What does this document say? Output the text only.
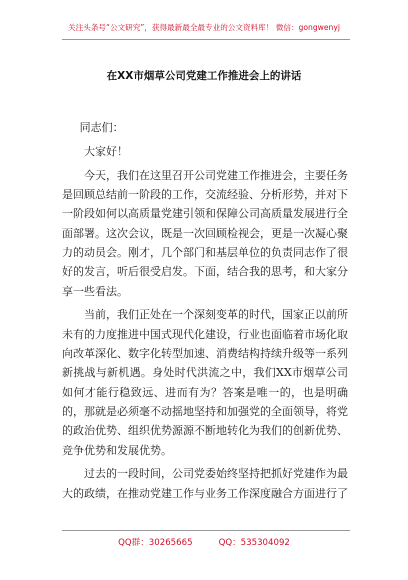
关注头条号“公文研究”，获得最新最全最专业的公文资料库！ 微信：gongwenyj
在XX市烟草公司党建工作推进会上的讲话

同志们：

大家好！

今天，我们在这里召开公司党建工作推进会，主要任务是回顾总结前一阶段的工作，交流经验、分析形势，并对下一阶段如何以高质量党建引领和保障公司高质量发展进行全面部署。这次会议，既是一次回顾检视会，更是一次凝心聚力的动员会。刚才，几个部门和基层单位的负责同志作了很好的发言，听后很受启发。下面，结合我的思考，和大家分享一些看法。

当前，我们正处在一个深刻变革的时代，国家正以前所未有的力度推进中国式现代化建设，行业也面临着市场化取向改革深化、数字化转型加速、消费结构持续升级等一系列新挑战与新机遇。身处时代洪流之中，我们XX市烟草公司如何才能行稳致远、进而有为？答案是唯一的，也是明确的，那就是必须毫不动摇地坚持和加强党的全面领导，将党的政治优势、组织优势源源不断地转化为我们的创新优势、竞争优势和发展优势。

过去的一段时间，公司党委始终坚持把抓好党建作为最大的政绩，在推动党建工作与业务工作深度融合方面进行了

QQ群：30265665	QQ：535304092
